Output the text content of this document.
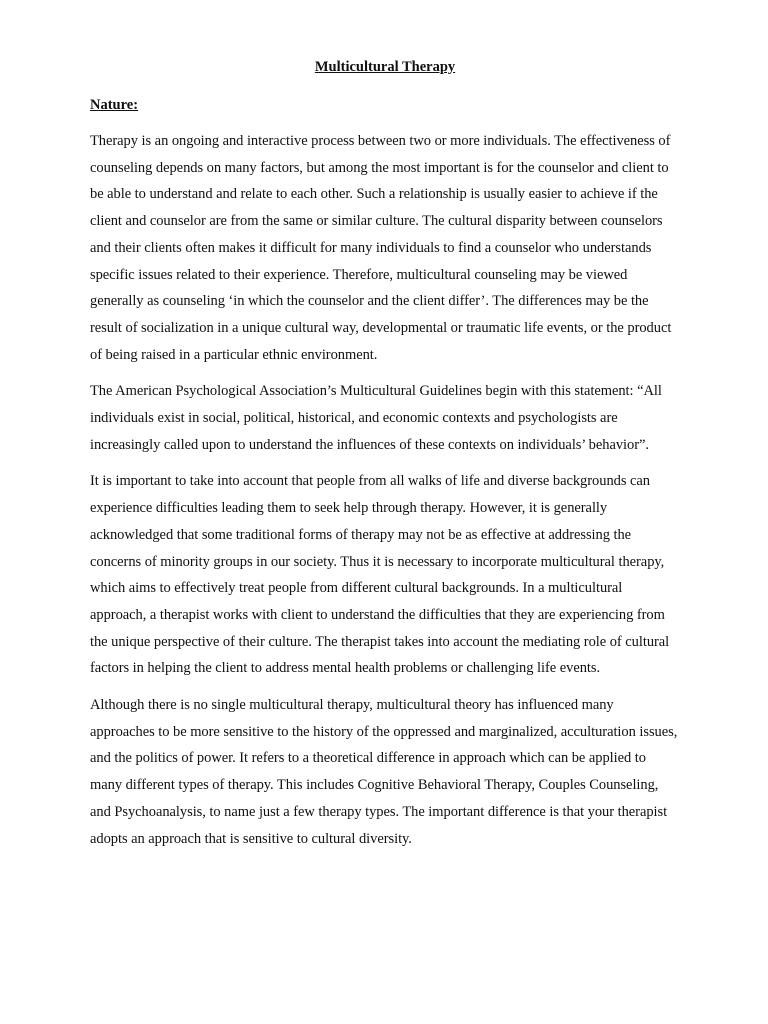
Multicultural Therapy
Nature:

Therapy is an ongoing and interactive process between two or more individuals. The effectiveness of counseling depends on many factors, but among the most important is for the counselor and client to be able to understand and relate to each other. Such a relationship is usually easier to achieve if the client and counselor are from the same or similar culture. The cultural disparity between counselors and their clients often makes it difficult for many individuals to find a counselor who understands specific issues related to their experience. Therefore, multicultural counseling may be viewed generally as counseling ‘in which the counselor and the client differ’. The differences may be the result of socialization in a unique cultural way, developmental or traumatic life events, or the product of being raised in a particular ethnic environment.

The American Psychological Association’s Multicultural Guidelines begin with this statement: “All individuals exist in social, political, historical, and economic contexts and psychologists are increasingly called upon to understand the influences of these contexts on individuals’ behavior”.

It is important to take into account that people from all walks of life and diverse backgrounds can experience difficulties leading them to seek help through therapy. However, it is generally acknowledged that some traditional forms of therapy may not be as effective at addressing the concerns of minority groups in our society. Thus it is necessary to incorporate multicultural therapy, which aims to effectively treat people from different cultural backgrounds. In a multicultural approach, a therapist works with client to understand the difficulties that they are experiencing from the unique perspective of their culture. The therapist takes into account the mediating role of cultural factors in helping the client to address mental health problems or challenging life events.

Although there is no single multicultural therapy, multicultural theory has influenced many approaches to be more sensitive to the history of the oppressed and marginalized, acculturation issues, and the politics of power. It refers to a theoretical difference in approach which can be applied to many different types of therapy. This includes Cognitive Behavioral Therapy, Couples Counseling, and Psychoanalysis, to name just a few therapy types. The important difference is that your therapist adopts an approach that is sensitive to cultural diversity.
